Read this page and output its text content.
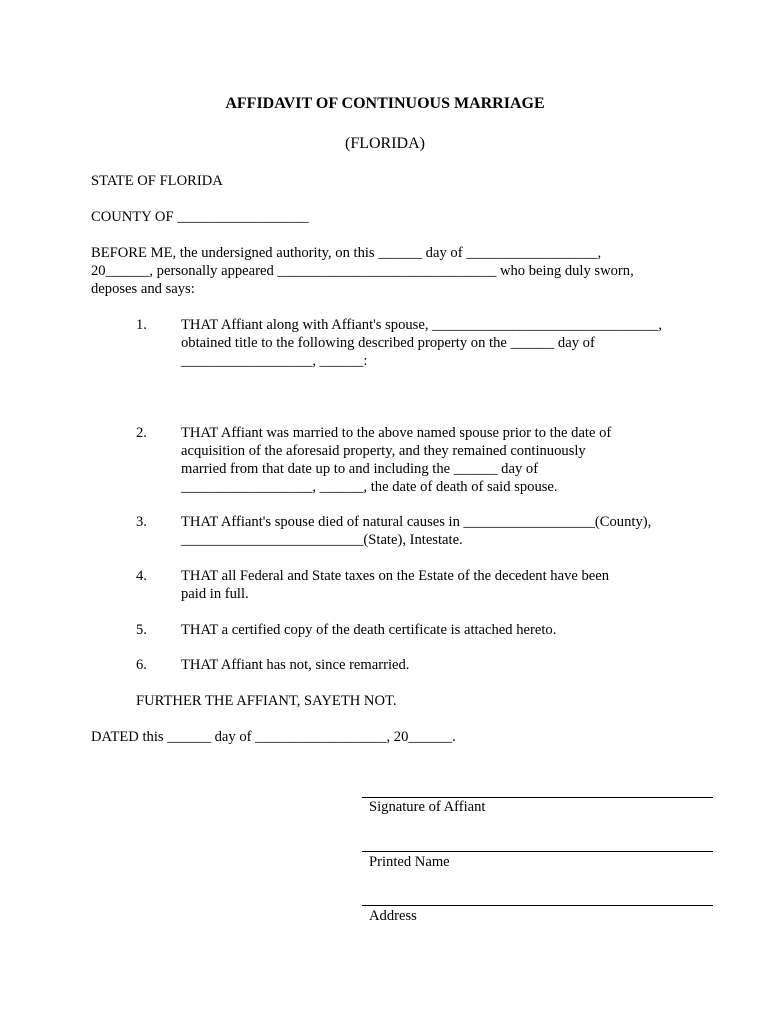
AFFIDAVIT OF CONTINUOUS MARRIAGE
(FLORIDA)
STATE OF FLORIDA
COUNTY OF __________________
BEFORE ME, the undersigned authority, on this ______ day of __________________,
20______, personally appeared ______________________________ who being duly sworn,
deposes and says:
1. THAT Affiant along with Affiant's spouse, _______________________________,
obtained title to the following described property on the ______ day of
__________________, ______:
2. THAT Affiant was married to the above named spouse prior to the date of
acquisition of the aforesaid property, and they remained continuously
married from that date up to and including the ______ day of
__________________, ______, the date of death of said spouse.
3. THAT Affiant's spouse died of natural causes in __________________(County),
_________________________(State), Intestate.
4. THAT all Federal and State taxes on the Estate of the decedent have been
paid in full.
5. THAT a certified copy of the death certificate is attached hereto.
6. THAT Affiant has not, since remarried.
FURTHER THE AFFIANT, SAYETH NOT.
DATED this ______ day of __________________, 20______.
Signature of Affiant
Printed Name
Address
